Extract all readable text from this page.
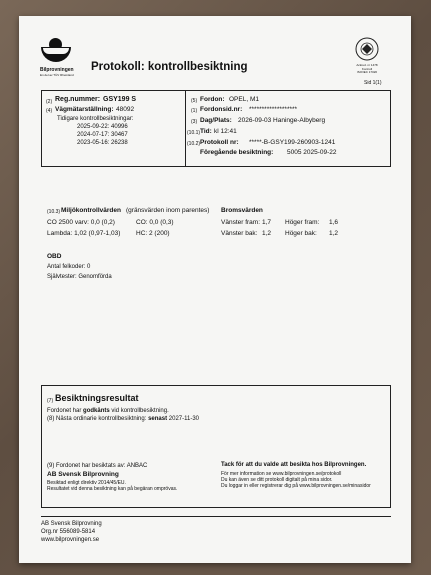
Bilprovningen
En del av TÜV Rheinland
Protokoll: kontrollbesiktning	Ackred. nr 1478
Kontroll
ISO/IEC 17020
Sid 1(1)
(2) Reg.nummer: GSY199 S
(4) Vägmätarställning: 48092
Tidigare kontrollbesiktningar:
2025-09-22: 40996
2024-07-17: 30467
2023-05-16: 26238
(5) Fordon: OPEL, M1
(1) Fordonsid.nr: *******************
(3) Dag/Plats: 2026-09-03 Haninge-Albyberg
(10.1) Tid: kl 12:41
(10.2) Protokoll nr: *****-B-GSY199-260903-1241
Föregående besiktning: 5005 2025-09-22
(10.3) Miljökontrollvärden (gränsvärden inom parentes)
CO 2500 varv: 0,0 (0,2)	CO: 0,0 (0,3)
Lambda: 1,02 (0,97-1,03) HC: 2 (200)
Bromsvärden
Vänster fram: 1,7 Höger fram: 1,6
Vänster bak: 1,2 Höger bak: 1,2
OBD
Antal felkoder: 0
Självtester: Genomförda
(7) Besiktningsresultat
Fordonet har godkänts vid kontrollbesiktning.
(8) Nästa ordinarie kontrollbesiktning: senast 2027-11-30
(9) Fordonet har besiktats av: ANBAC
AB Svensk Bilprovning
Besiktad enligt direktiv 2014/45/EU.
Resultatet vid denna besiktning kan på begäran omprövas.
Tack för att du valde att besikta hos Bilprovningen.
För mer information se www.bilprovningen.se/protokoll
Du kan även se ditt protokoll digitalt på mina sidor.
Du loggar in eller registrerar dig på www.bilprovningen.se/minasidor
AB Svensk Bilprovning
Org.nr 556089-5814
www.bilprovningen.se
